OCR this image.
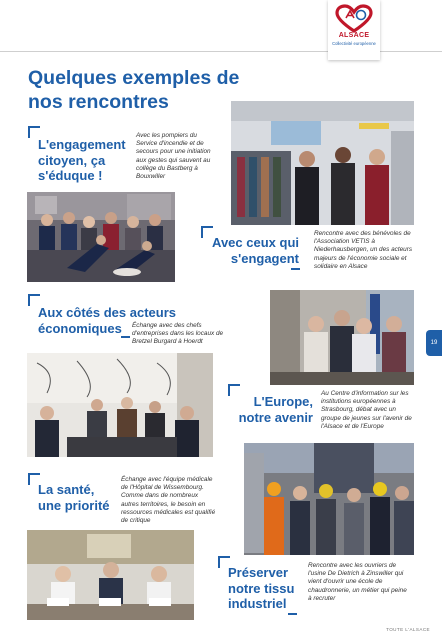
ALSACE
Collectivité européenne
Quelques exemples de nos rencontres
L'engagement citoyen, ça s'éduque !
Avec les pompiers du Service d'incendie et de secours pour une initiation aux gestes qui sauvent au collège du Bastberg à Bouxwiller
Avec ceux qui s'engagent
Rencontre avec des bénévoles de l'Association VETIS à Niederhausbergen, un des acteurs majeurs de l'économie sociale et solidaire en Alsace
Aux côtés des acteurs économiques	Échange avec des chefs d'entreprises dans les locaux de Bretzel Burgard à Hoerdt	19
L'Europe, notre avenir
Au Centre d'information sur les institutions européennes à Strasbourg, débat avec un groupe de jeunes sur l'avenir de l'Alsace et de l'Europe
La santé, une priorité
Échange avec l'équipe médicale de l'Hôpital de Wissembourg. Comme dans de nombreux autres territoires, le besoin en ressources médicales est qualifié de critique
Préserver notre tissu industriel
Rencontre avec les ouvriers de l'usine De Dietrich à Zinswiller qui vient d'ouvrir une école de chaudronnerie, un métier qui peine à recruter
TOUTE L'ALSACE
